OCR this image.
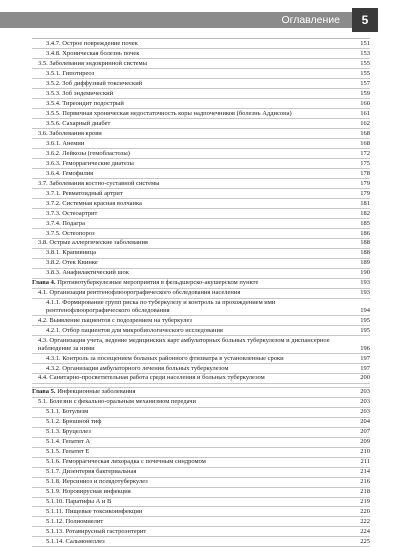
Оглавление	5
3.4.7. Острое повреждение почек	151
3.4.8. Хроническая болезнь почек	153
3.5. Заболевания эндокринной системы	155
3.5.1. Гипотиреоз	155
3.5.2. Зоб диффузный токсический	157
3.5.3. Зоб эндемический	159
3.5.4. Тиреоидит подострый	160
3.5.5. Первичная хроническая недостаточность коры надпочечников (болезнь Аддисона)	161
3.5.6. Сахарный диабет	162
3.6. Заболевания крови	168
3.6.1. Анемии	168
3.6.2. Лейкозы (гемобластозы)	172
3.6.3. Геморрагические диатезы	175
3.6.4. Гемофилия	178
3.7. Заболевания костно-суставной системы	179
3.7.1. Ревматоидный артрит	179
3.7.2. Системная красная волчанка	181
3.7.3. Остеоартрит	182
3.7.4. Подагра	185
3.7.5. Остеопороз	186
3.8. Острые аллергические заболевания	188
3.8.1. Крапивница	188
3.8.2. Отек Квинке	189
3.8.3. Анафилактический шок	190
Глава 4. Противотуберкулезные мероприятия в фельдшерско-акушерском пункте	193
4.1. Организация рентгенофлюорографического обследования населения	193
4.1.1. Формирование групп риска по туберкулезу и контроль за прохождением ими рентгенофлюорографического обследования	194
4.2. Выявление пациентов с подозрением на туберкулез	195
4.2.1. Отбор пациентов для микробиологического исследования	195
4.3. Организация учета, ведение медицинских карт амбулаторных больных туберкулезом и диспансерное наблюдение за ними	196
4.3.1. Контроль за посещением больных районного фтизиатра в установленные сроки	197
4.3.2. Организация амбулаторного лечения больных туберкулезом	197
4.4. Санитарно-просветительная работа среди населения и больных туберкулезом	200
Глава 5. Инфекционные заболевания	203
5.1. Болезни с фекально-оральным механизмом передачи	203
5.1.1. Ботулизм	203
5.1.2. Брюшной тиф	204
5.1.3. Бруцеллез	207
5.1.4. Гепатит А	209
5.1.5. Гепатит Е	210
5.1.6. Геморрагическая лихорадка с почечным синдромом	211
5.1.7. Дизентерия бактериальная	214
5.1.8. Иерсиниоз и псевдотуберкулез	216
5.1.9. Норовирусная инфекция	218
5.1.10. Паратифы А и В	219
5.1.11. Пищевые токсикоинфекции	220
5.1.12. Полиомиелит	222
5.1.13. Ротавирусный гастроэнтерит	224
5.1.14. Сальмонеллез	225
